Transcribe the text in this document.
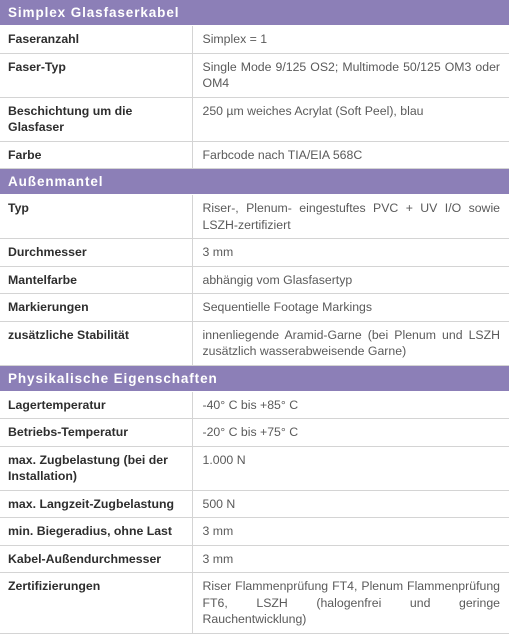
Simplex Glasfaserkabel	
Faseranzahl	Simplex = 1
Faser-Typ	Single Mode 9/125 OS2; Multimode 50/125 OM3 oder OM4
Beschichtung um die Glasfaser	250 µm weiches Acrylat (Soft Peel), blau
Farbe	Farbcode nach TIA/EIA 568C
Außenmantel	
Typ	Riser-, Plenum- eingestuftes PVC + UV I/O sowie LSZH-zertifiziert
Durchmesser	3 mm
Mantelfarbe	abhängig vom Glasfasertyp
Markierungen	Sequentielle Footage Markings
zusätzliche Stabilität	innenliegende Aramid-Garne (bei Plenum und LSZH zusätzlich wasserabweisende Garne)
Physikalische Eigenschaften	
Lagertemperatur	-40° C bis +85° C
Betriebs-Temperatur	-20° C bis +75° C
max. Zugbelastung (bei der Installation)	1.000 N
max. Langzeit-Zugbelastung	500 N
min. Biegeradius, ohne Last	3 mm
Kabel-Außendurchmesser	3 mm
Zertifizierungen	Riser Flammenprüfung FT4, Plenum Flammenprüfung FT6, LSZH (halogenfrei und geringe Rauchentwicklung)
